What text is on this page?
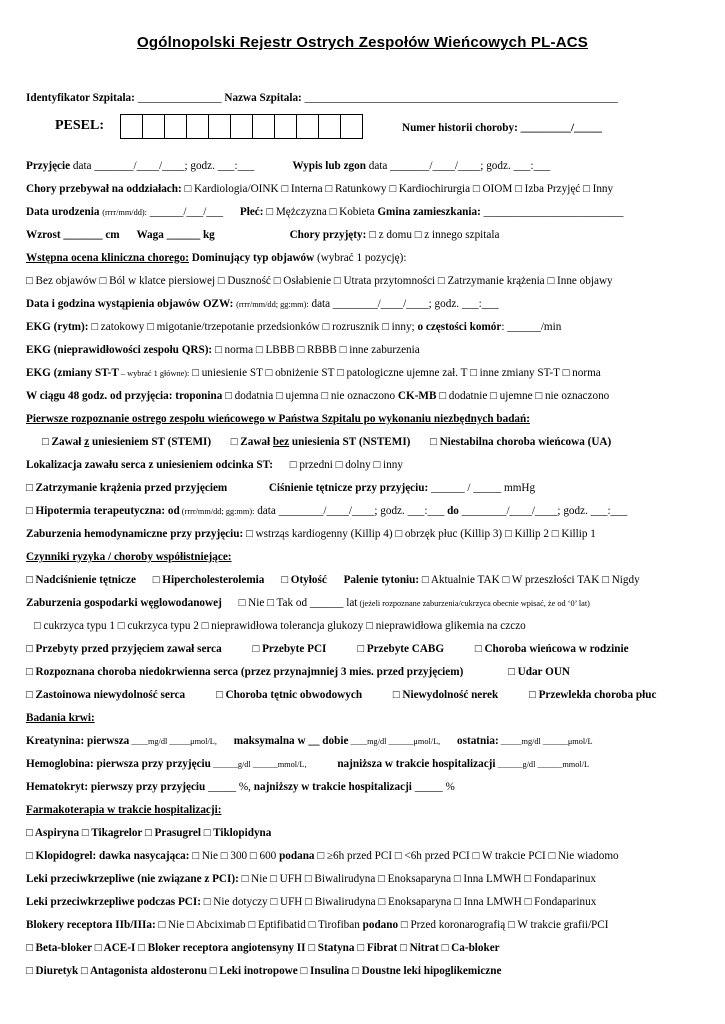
Ogólnopolski Rejestr Ostrych Zespołów Wieńcowych PL-ACS
Identyfikator Szpitala: _______________ Nazwa Szpitala: ________________________________________________________
PESEL:	Numer historii choroby: _________/_____
Przyjęcie data _______/____/____; godz. ___:___	Wypis lub zgon data _______/____/____; godz. ___:___
Chory przebywał na oddziałach: □ Kardiologia/OINK □ Interna □ Ratunkowy □ Kardiochirurgia □ OIOM □ Izba Przyjęć □ Inny
Data urodzenia (rrrr/mm/dd): ______/___/___ Płeć: □ Mężczyzna □ Kobieta Gmina zamieszkania: _________________________
Wzrost _______ cm Waga ______ kg	Chory przyjęty: □ z domu □ z innego szpitala
Wstępna ocena kliniczna chorego: Dominujący typ objawów (wybrać 1 pozycję):
□ Bez objawów □ Ból w klatce piersiowej □ Duszność □ Osłabienie □ Utrata przytomności □ Zatrzymanie krążenia □ Inne objawy
Data i godzina wystąpienia objawów OZW: (rrrr/mm/dd; gg:mm): data ________/____/____; godz. ___:___
EKG (rytm): □ zatokowy □ migotanie/trzepotanie przedsionków □ rozrusznik □ inny; o częstości komór: ______/min
EKG (nieprawidłowości zespołu QRS): □ norma □ LBBB □ RBBB □ inne zaburzenia
EKG (zmiany ST-T – wybrać 1 główne): □ uniesienie ST □ obniżenie ST □ patologiczne ujemne zał. T □ inne zmiany ST-T □ norma
W ciągu 48 godz. od przyjęcia: troponina □ dodatnia □ ujemna □ nie oznaczono CK-MB □ dodatnie □ ujemne □ nie oznaczono
Pierwsze rozpoznanie ostrego zespołu wieńcowego w Państwa Szpitalu po wykonaniu niezbędnych badań:
□ Zawał z uniesieniem ST (STEMI) □ Zawał bez uniesienia ST (NSTEMI) □ Niestabilna choroba wieńcowa (UA)
Lokalizacja zawału serca z uniesieniem odcinka ST: □ przedni □ dolny □ inny
□ Zatrzymanie krążenia przed przyjęciem	Ciśnienie tętnicze przy przyjęciu: ______ / _____ mmHg
□ Hipotermia terapeutyczna: od (rrrr/mm/dd; gg:mm): data ________/____/____; godz. ___:___ do ________/____/____; godz. ___:___
Zaburzenia hemodynamiczne przy przyjęciu: □ wstrząs kardiogenny (Killip 4) □ obrzęk płuc (Killip 3) □ Killip 2 □ Killip 1
Czynniki ryzyka / choroby współistniejące:
□ Nadciśnienie tętnicze □ Hipercholesterolemia □ Otyłość Palenie tytoniu: □ Aktualnie TAK □ W przeszłości TAK □ Nigdy
Zaburzenia gospodarki węglowodanowej □ Nie □ Tak od ______ lat (jeżeli rozpoznane zaburzenia/cukrzyca obecnie wpisać, że od ‘0’ lat)
□ cukrzyca typu 1 □ cukrzyca typu 2 □ nieprawidłowa tolerancja glukozy □ nieprawidłowa glikemia na czczo
□ Przebyty przed przyjęciem zawał serca	□ Przebyte PCI	□ Przebyte CABG	□ Choroba wieńcowa w rodzinie
□ Rozpoznana choroba niedokrwienna serca (przez przynajmniej 3 mies. przed przyjęciem)	□ Udar OUN
□ Zastoinowa niewydolność serca	□ Choroba tętnic obwodowych	□ Niewydolność nerek	□ Przewlekła choroba płuc
Badania krwi:
Kreatynina: pierwsza ____mg/dl _____μmol/L, maksymalna w __ dobie ____mg/dl ______μmol/L, ostatnia: _____mg/dl ______μmol/L
Hemoglobina: pierwsza przy przyjęciu ______g/dl ______mmol/L,	najniższa w trakcie hospitalizacji ______g/dl ______mmol/L
Hematokryt: pierwszy przy przyjęciu _____ %, najniższy w trakcie hospitalizacji _____ %
Farmakoterapia w trakcie hospitalizacji:
□ Aspiryna □ Tikagrelor □ Prasugrel □ Tiklopidyna
□ Klopidogrel: dawka nasycająca: □ Nie □ 300 □ 600 podana □ ≥6h przed PCI □ <6h przed PCI □ W trakcie PCI □ Nie wiadomo
Leki przeciwkrzepliwe (nie związane z PCI): □ Nie □ UFH □ Biwalirudyna □ Enoksaparyna □ Inna LMWH □ Fondaparinux
Leki przeciwkrzepliwe podczas PCI: □ Nie dotyczy □ UFH □ Biwalirudyna □ Enoksaparyna □ Inna LMWH □ Fondaparinux
Blokery receptora IIb/IIIa: □ Nie □ Abciximab □ Eptifibatid □ Tirofiban podano □ Przed koronarografią □ W trakcie grafii/PCI
□ Beta-bloker □ ACE-I □ Bloker receptora angiotensyny II □ Statyna □ Fibrat □ Nitrat □ Ca-bloker
□ Diuretyk □ Antagonista aldosteronu □ Leki inotropowe □ Insulina □ Doustne leki hipoglikemiczne
